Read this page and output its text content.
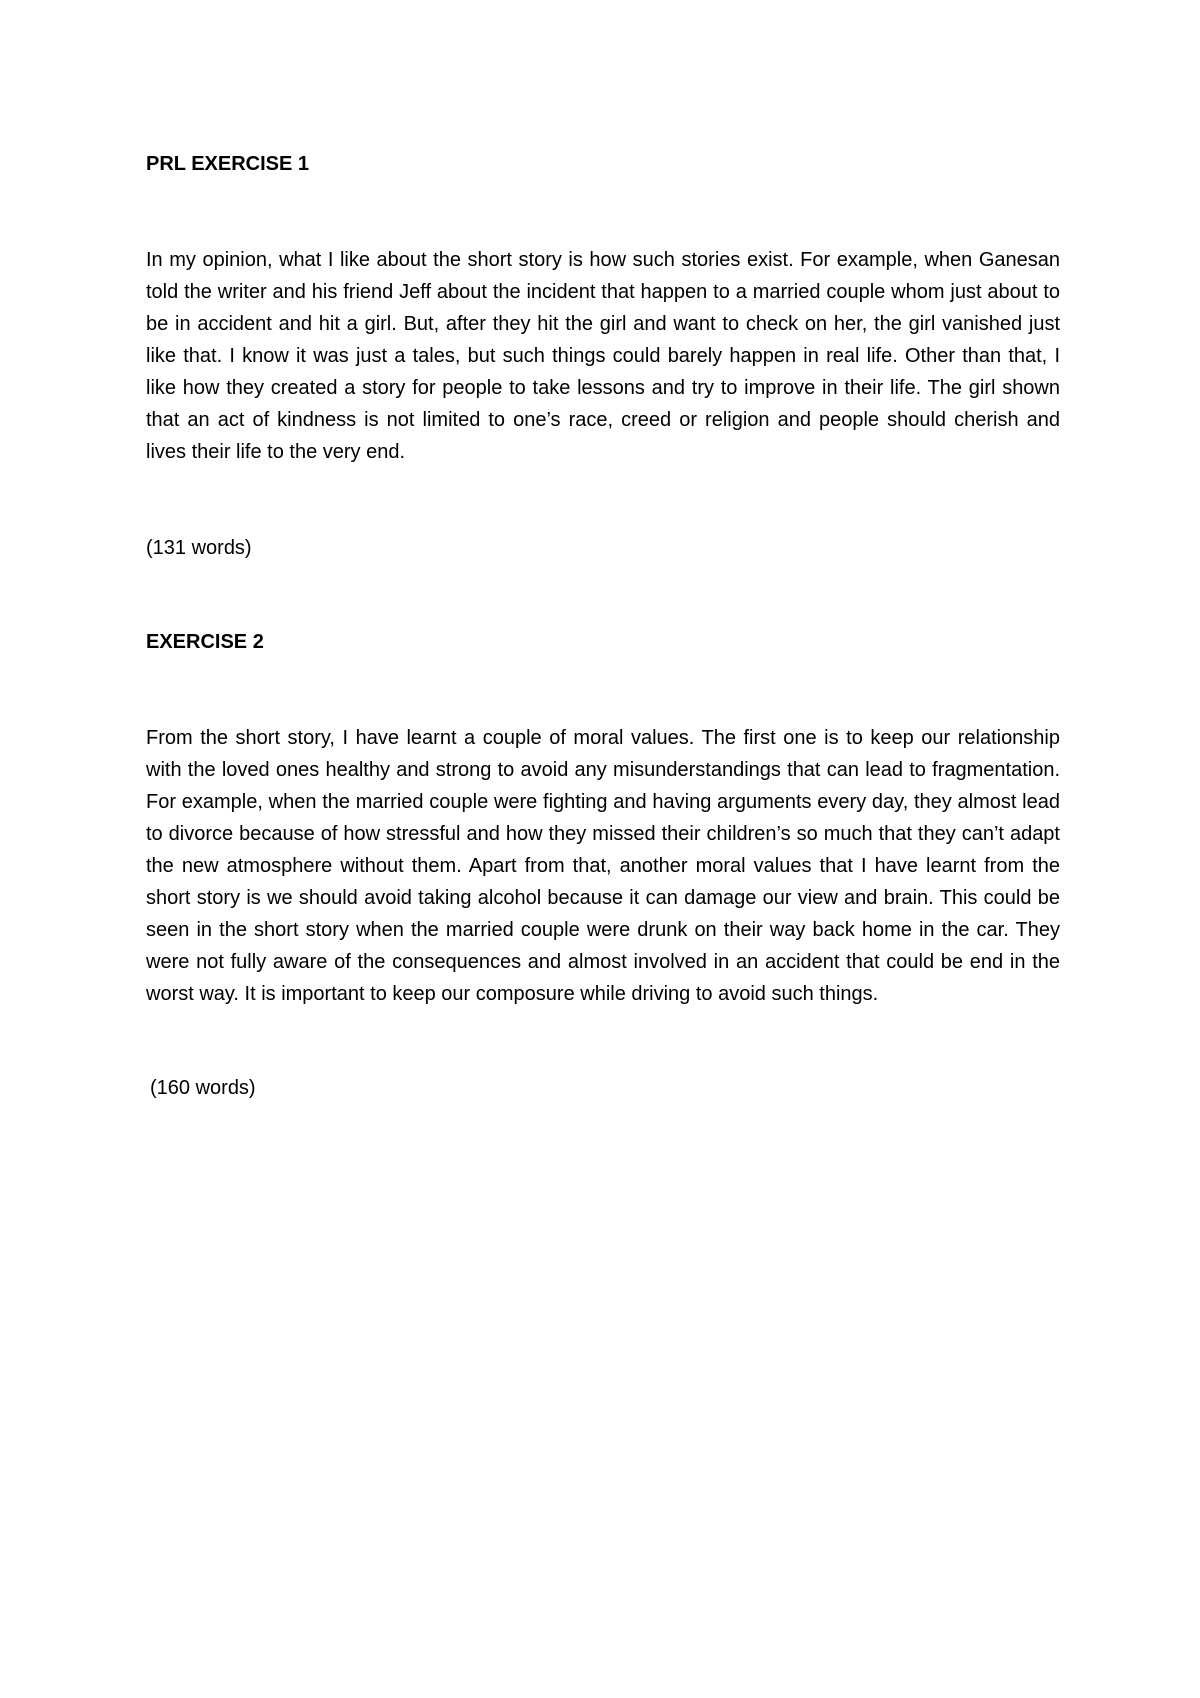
PRL EXERCISE 1

In my opinion, what I like about the short story is how such stories exist. For example, when Ganesan told the writer and his friend Jeff about the incident that happen to a married couple whom just about to be in accident and hit a girl. But, after they hit the girl and want to check on her, the girl vanished just like that. I know it was just a tales, but such things could barely happen in real life. Other than that, I like how they created a story for people to take lessons and try to improve in their life. The girl shown that an act of kindness is not limited to one’s race, creed or religion and people should cherish and lives their life to the very end.

(131 words)

EXERCISE 2

From the short story, I have learnt a couple of moral values. The first one is to keep our relationship with the loved ones healthy and strong to avoid any misunderstandings that can lead to fragmentation. For example, when the married couple were fighting and having arguments every day, they almost lead to divorce because of how stressful and how they missed their children’s so much that they can’t adapt the new atmosphere without them. Apart from that, another moral values that I have learnt from the short story is we should avoid taking alcohol because it can damage our view and brain. This could be seen in the short story when the married couple were drunk on their way back home in the car. They were not fully aware of the consequences and almost involved in an accident that could be end in the worst way. It is important to keep our composure while driving to avoid such things.

(160 words)
